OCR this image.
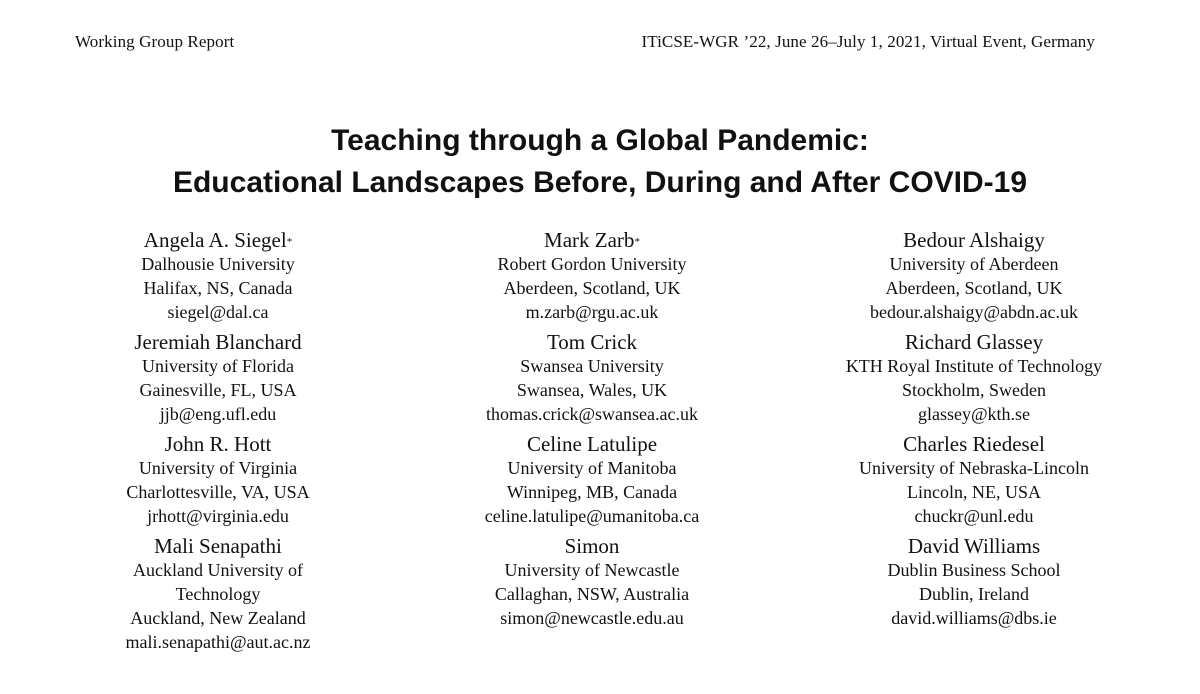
Working Group Report	ITiCSE-WGR ’22, June 26–July 1, 2021, Virtual Event, Germany
Teaching through a Global Pandemic:
Educational Landscapes Before, During and After COVID-19
Angela A. Siegel*
Dalhousie University
Halifax, NS, Canada
siegel@dal.ca
Mark Zarb*
Robert Gordon University
Aberdeen, Scotland, UK
m.zarb@rgu.ac.uk
Bedour Alshaigy
University of Aberdeen
Aberdeen, Scotland, UK
bedour.alshaigy@abdn.ac.uk
Jeremiah Blanchard
University of Florida
Gainesville, FL, USA
jjb@eng.ufl.edu
Tom Crick
Swansea University
Swansea, Wales, UK
thomas.crick@swansea.ac.uk
Richard Glassey
KTH Royal Institute of Technology
Stockholm, Sweden
glassey@kth.se
John R. Hott
University of Virginia
Charlottesville, VA, USA
jrhott@virginia.edu
Celine Latulipe
University of Manitoba
Winnipeg, MB, Canada
celine.latulipe@umanitoba.ca
Charles Riedesel
University of Nebraska-Lincoln
Lincoln, NE, USA
chuckr@unl.edu
Mali Senapathi
Auckland University of Technology
Auckland, New Zealand
mali.senapathi@aut.ac.nz
Simon
University of Newcastle
Callaghan, NSW, Australia
simon@newcastle.edu.au
David Williams
Dublin Business School
Dublin, Ireland
david.williams@dbs.ie
